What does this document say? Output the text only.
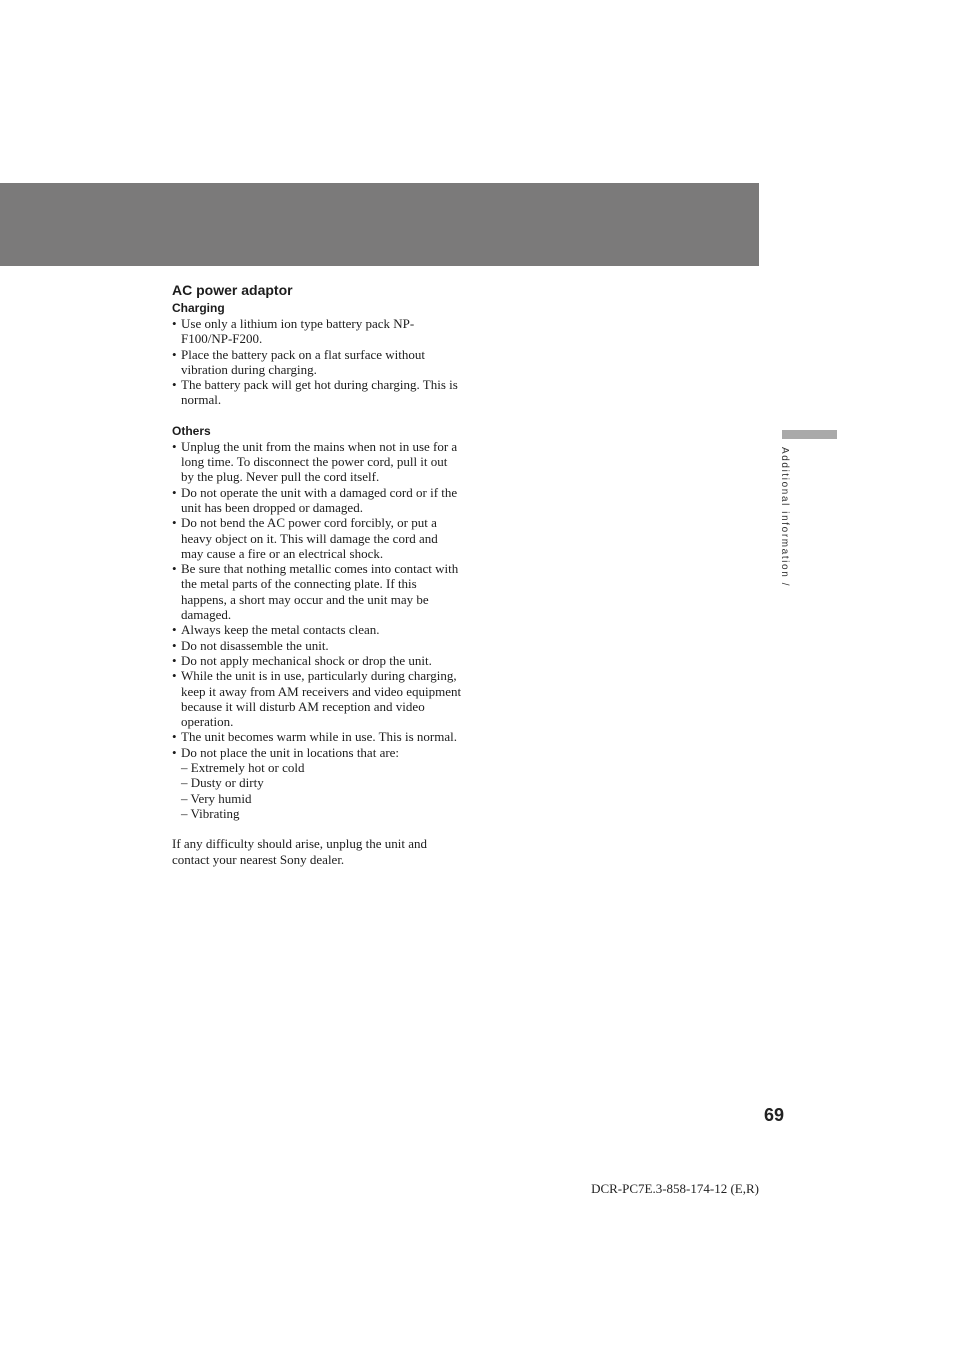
AC power adaptor
Charging
• Use only a lithium ion type battery pack NP-F100/NP-F200.
• Place the battery pack on a flat surface without vibration during charging.
• The battery pack will get hot during charging. This is normal.
Others
• Unplug the unit from the mains when not in use for a long time. To disconnect the power cord, pull it out by the plug. Never pull the cord itself.
• Do not operate the unit with a damaged cord or if the unit has been dropped or damaged.
• Do not bend the AC power cord forcibly, or put a heavy object on it. This will damage the cord and may cause a fire or an electrical shock.
• Be sure that nothing metallic comes into contact with the metal parts of the connecting plate. If this happens, a short may occur and the unit may be damaged.
• Always keep the metal contacts clean.
• Do not disassemble the unit.
• Do not apply mechanical shock or drop the unit.
• While the unit is in use, particularly during charging, keep it away from AM receivers and video equipment because it will disturb AM reception and video operation.
• The unit becomes warm while in use. This is normal.
• Do not place the unit in locations that are:
– Extremely hot or cold
– Dusty or dirty
– Very humid
– Vibrating

If any difficulty should arise, unplug the unit and contact your nearest Sony dealer.

Additional information /
69
DCR-PC7E.3-858-174-12 (E,R)
